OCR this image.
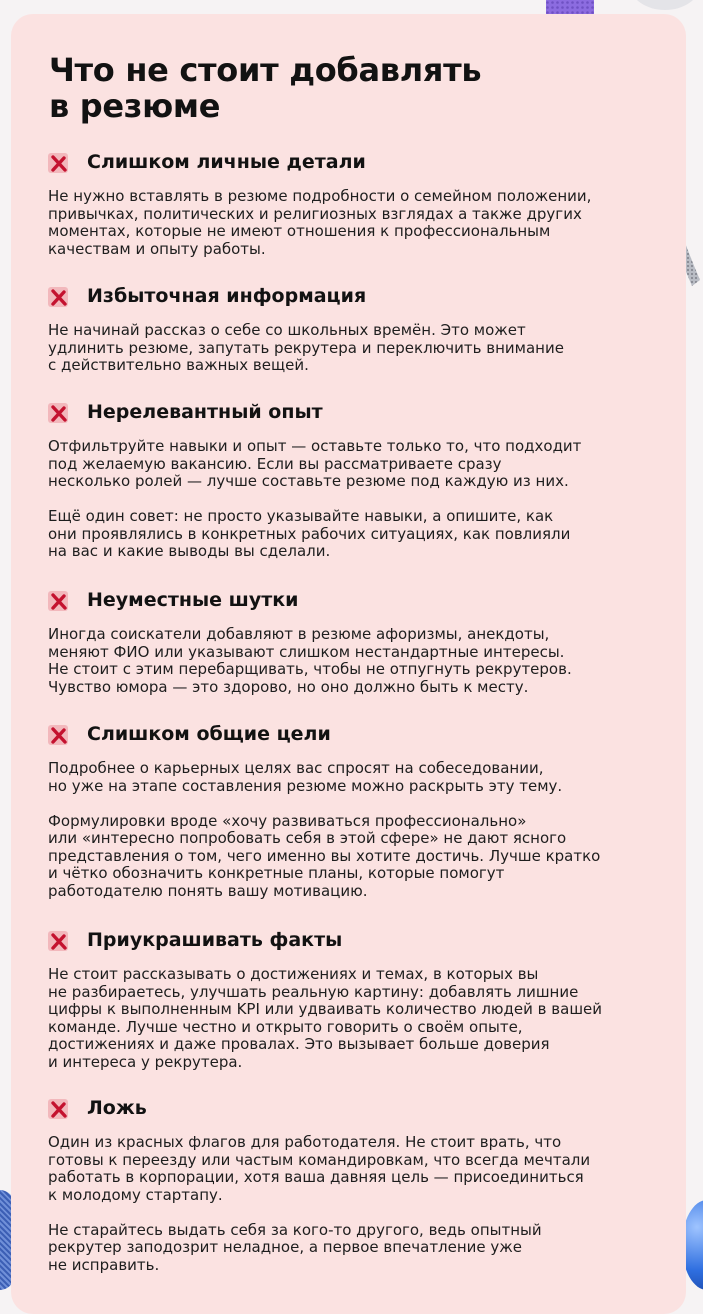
Что не стоит добавлять
в резюме
Слишком личные детали

Не нужно вставлять в резюме подробности о семейном положении,
привычках, политических и религиозных взглядах а также других
моментах, которые не имеют отношения к профессиональным
качествам и опыту работы.

Избыточная информация

Не начинай рассказ о себе со школьных времён. Это может
удлинить резюме, запутать рекрутера и переключить внимание
с действительно важных вещей.

Нерелевантный опыт

Отфильтруйте навыки и опыт — оставьте только то, что подходит
под желаемую вакансию. Если вы рассматриваете сразу
несколько ролей — лучше составьте резюме под каждую из них.

Ещё один совет: не просто указывайте навыки, а опишите, как
они проявлялись в конкретных рабочих ситуациях, как повлияли
на вас и какие выводы вы сделали.

Неуместные шутки

Иногда соискатели добавляют в резюме афоризмы, анекдоты,
меняют ФИО или указывают слишком нестандартные интересы.
Не стоит с этим перебарщивать, чтобы не отпугнуть рекрутеров.
Чувство юмора — это здорово, но оно должно быть к месту.

Слишком общие цели

Подробнее о карьерных целях вас спросят на собеседовании,
но уже на этапе составления резюме можно раскрыть эту тему.

Формулировки вроде «хочу развиваться профессионально»
или «интересно попробовать себя в этой сфере» не дают ясного
представления о том, чего именно вы хотите достичь. Лучше кратко
и чётко обозначить конкретные планы, которые помогут
работодателю понять вашу мотивацию.

Приукрашивать факты

Не стоит рассказывать о достижениях и темах, в которых вы
не разбираетесь, улучшать реальную картину: добавлять лишние
цифры к выполненным KPI или удваивать количество людей в вашей
команде. Лучше честно и открыто говорить о своём опыте,
достижениях и даже провалах. Это вызывает больше доверия
и интереса у рекрутера.

Ложь

Один из красных флагов для работодателя. Не стоит врать, что
готовы к переезду или частым командировкам, что всегда мечтали
работать в корпорации, хотя ваша давняя цель — присоединиться
к молодому стартапу.

Не старайтесь выдать себя за кого-то другого, ведь опытный
рекрутер заподозрит неладное, а первое впечатление уже
не исправить.
